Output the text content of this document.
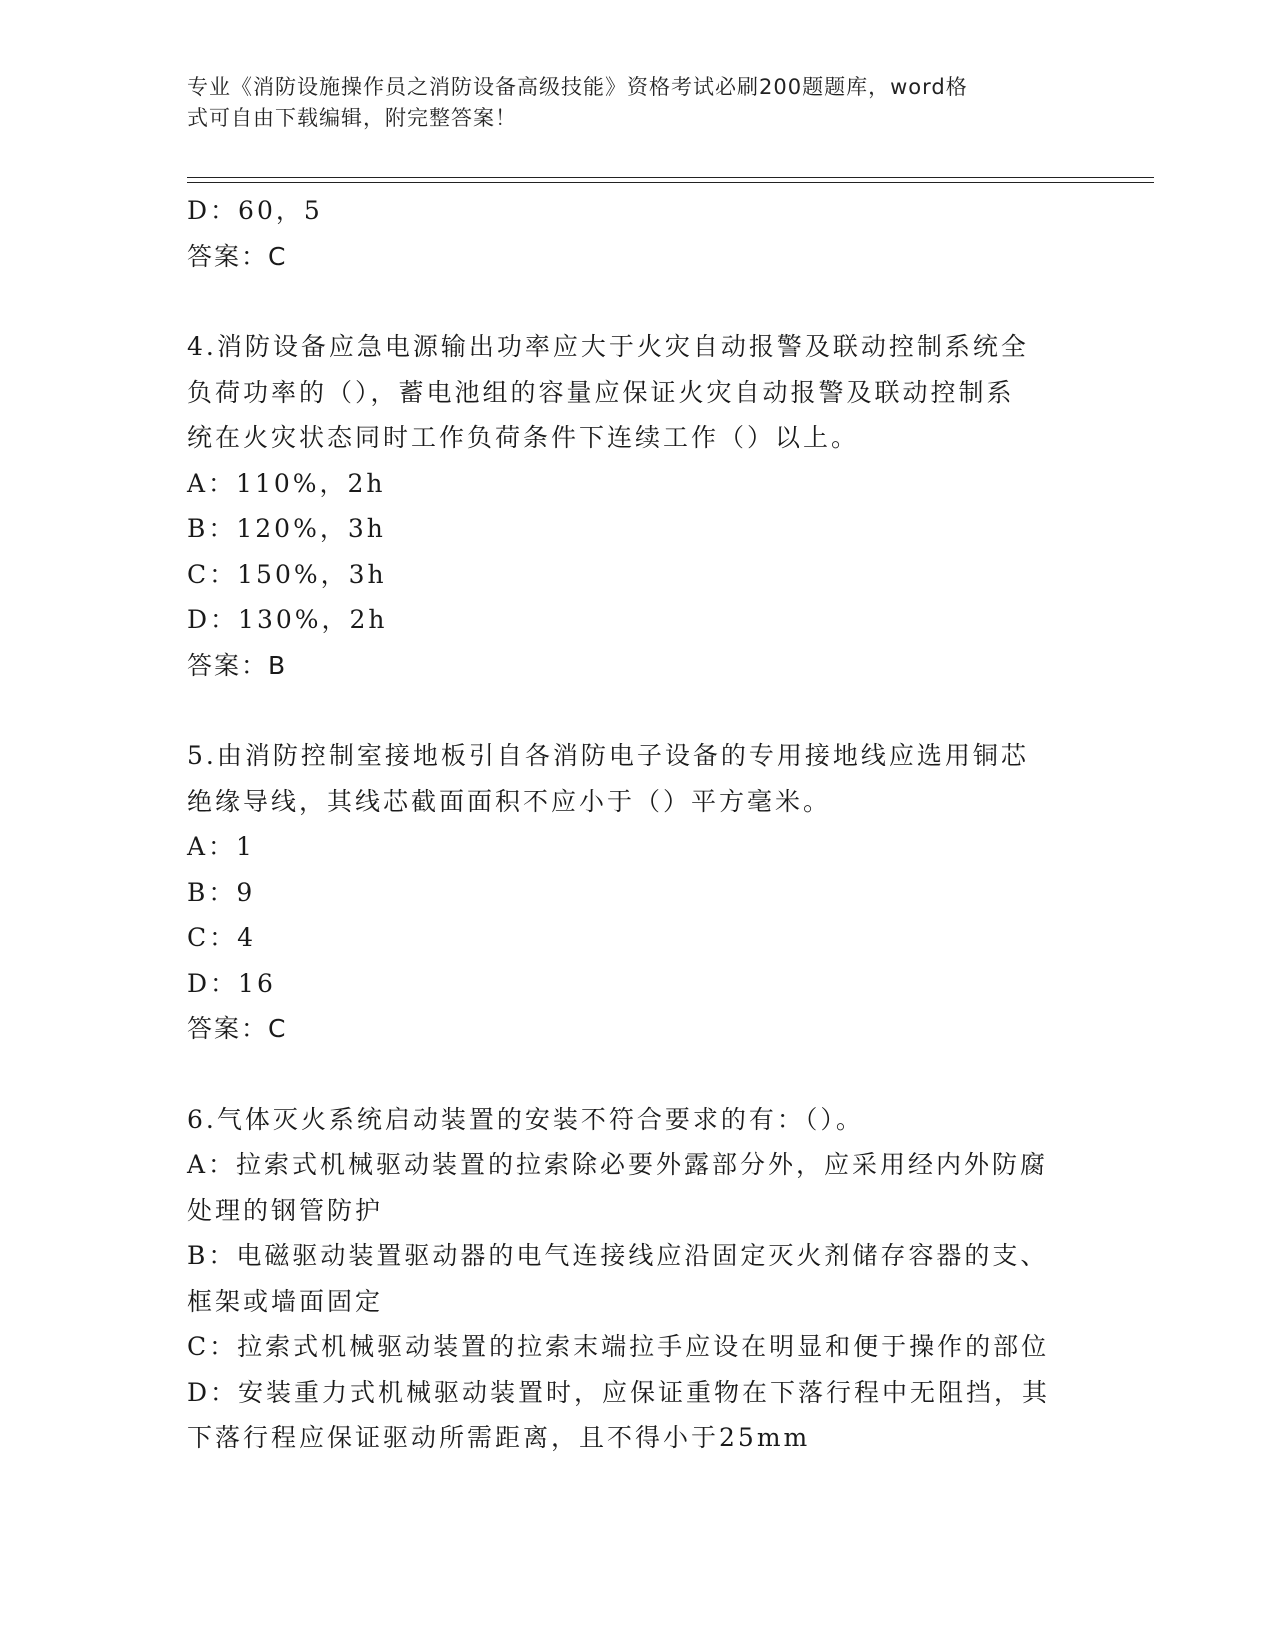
专业《消防设施操作员之消防设备高级技能》资格考试必刷200题题库，word格
式可自由下载编辑，附完整答案！
D：60，5
答案：C
4.消防设备应急电源输出功率应大于火灾自动报警及联动控制系统全
负荷功率的（），蓄电池组的容量应保证火灾自动报警及联动控制系
统在火灾状态同时工作负荷条件下连续工作（）以上。
A：110%，2h
B：120%，3h
C：150%，3h
D：130%，2h
答案：B
5.由消防控制室接地板引自各消防电子设备的专用接地线应选用铜芯
绝缘导线，其线芯截面面积不应小于（）平方毫米。
A：1
B：9
C：4
D：16
答案：C
6.气体灭火系统启动装置的安装不符合要求的有：（）。
A：拉索式机械驱动装置的拉索除必要外露部分外，应采用经内外防腐
处理的钢管防护
B：电磁驱动装置驱动器的电气连接线应沿固定灭火剂储存容器的支、
框架或墙面固定
C：拉索式机械驱动装置的拉索末端拉手应设在明显和便于操作的部位
D：安装重力式机械驱动装置时，应保证重物在下落行程中无阻挡，其
下落行程应保证驱动所需距离，且不得小于25mm
